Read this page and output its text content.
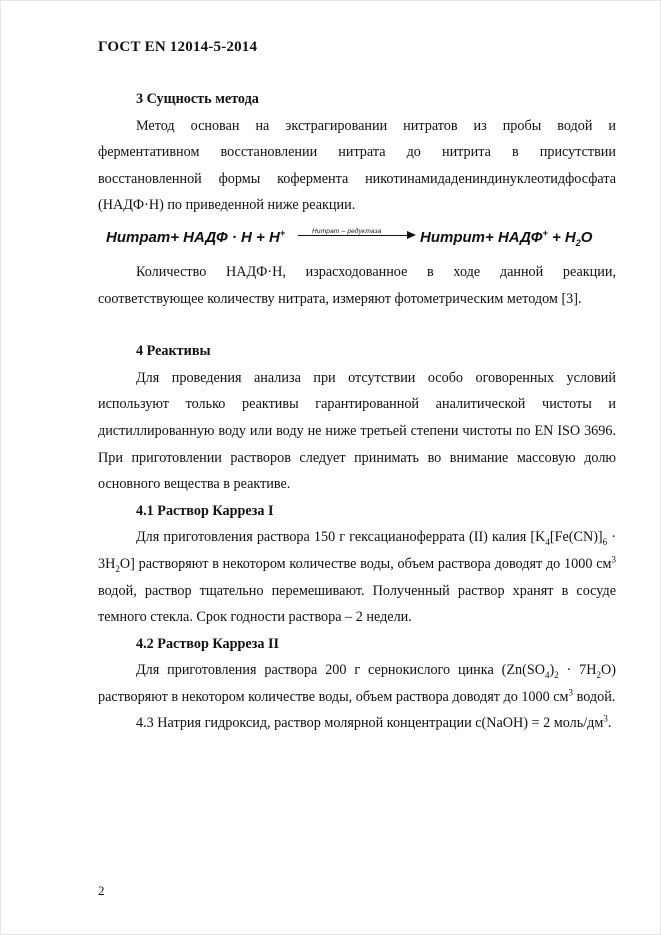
ГОСТ EN 12014-5-2014

3 Сущность метода

Метод основан на экстрагировании нитратов из пробы водой и ферментативном восстановлении нитрата до нитрита в присутствии восстановленной формы кофермента никотинамидадениндинуклеотидфосфата (НАДФ·Н) по приведенной ниже реакции.

Нитрат+ НАДФ · Н + Н+	Нитрат – редуктаза	Нитрит+ НАДФ+ + $Н_2О$

Количество НАДФ·Н, израсходованное в ходе данной реакции, соответствующее количеству нитрата, измеряют фотометрическим методом [3].

4 Реактивы

Для проведения анализа при отсутствии особо оговоренных условий используют только реактивы гарантированной аналитической чистоты и дистиллированную воду или воду не ниже третьей степени чистоты по EN ISO 3696. При приготовлении растворов следует принимать во внимание массовую долю основного вещества в реактиве.

4.1 Раствор Карреза I

Для приготовления раствора 150 г гексацианоферрата (II) калия $[K_4[Fe(CN)]_6 \cdot 3H_2O]$ растворяют в некотором количестве воды, объем раствора доводят до 1000 $см^3$ водой, раствор тщательно перемешивают. Полученный раствор хранят в сосуде темного стекла. Срок годности раствора – 2 недели.

4.2 Раствор Карреза II

Для приготовления раствора 200 г сернокислого цинка $(Zn(SO_4)_2 \cdot 7H_2O)$ растворяют в некотором количестве воды, объем раствора доводят до 1000 $см^3$ водой.

4.3 Натрия гидроксид, раствор молярной концентрации c(NaOH) = 2 моль/$дм^3$.

2
